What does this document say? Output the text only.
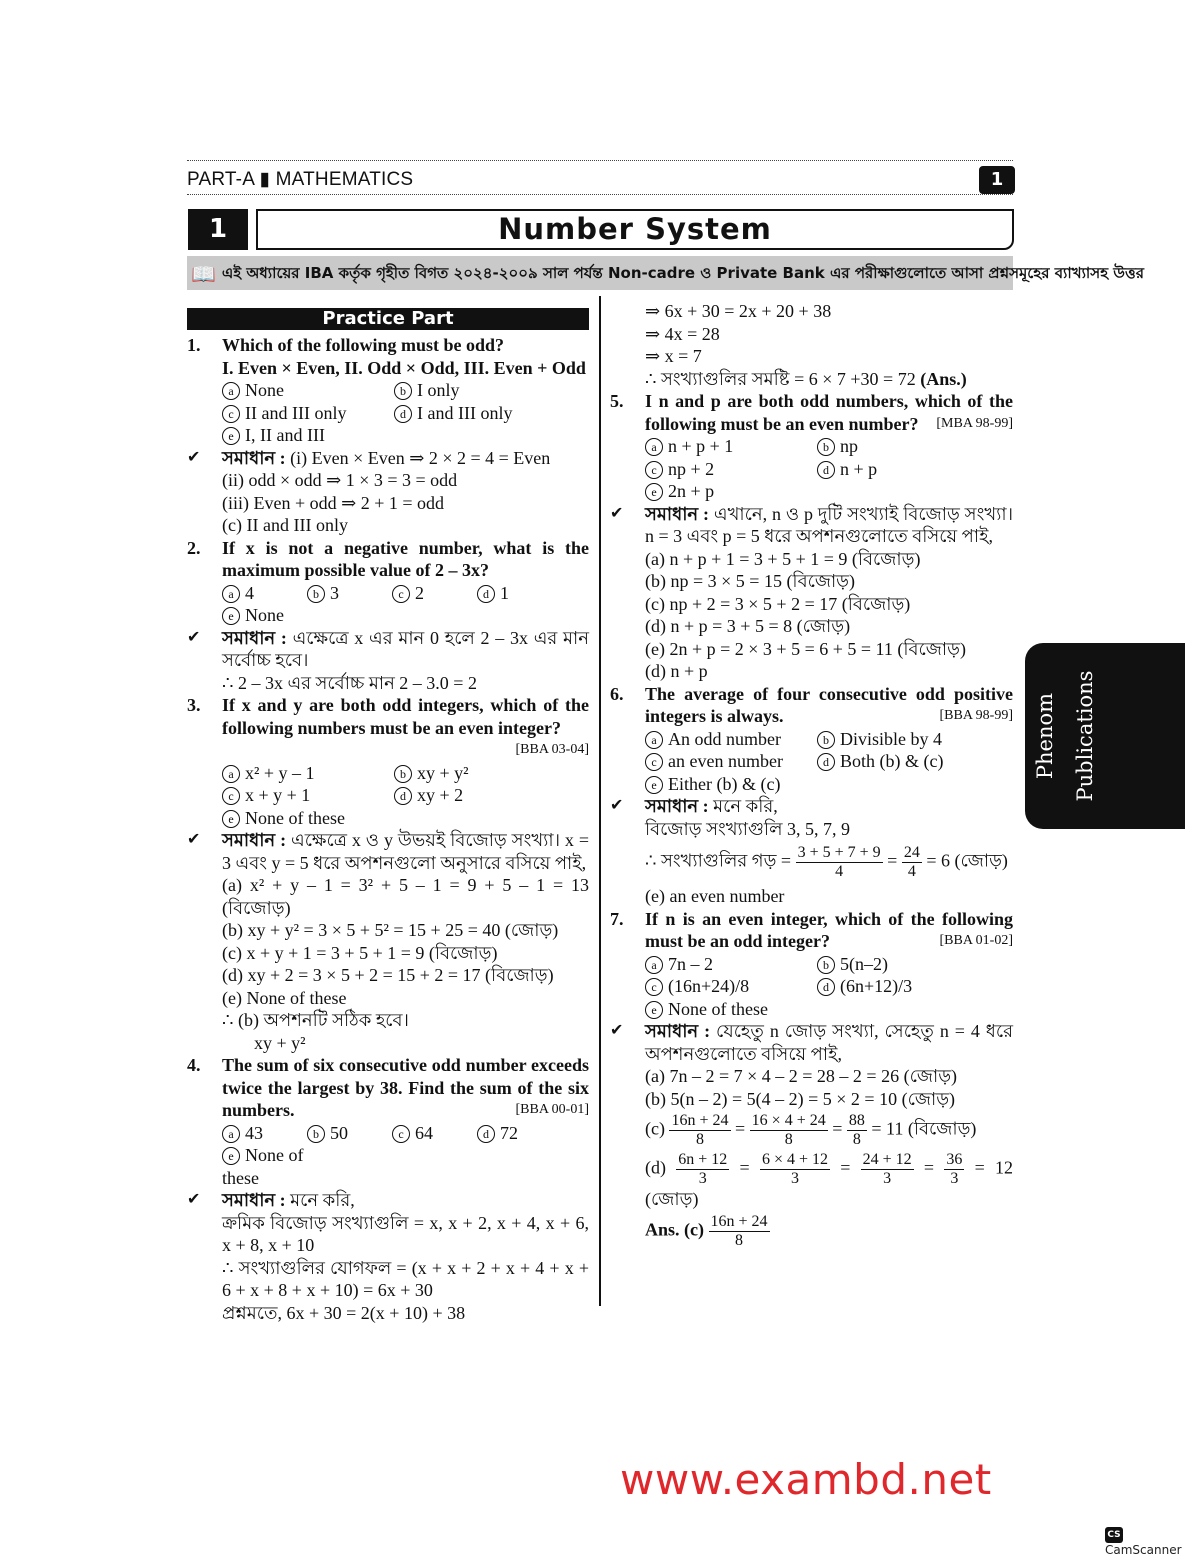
PART-A ▮ MATHEMATICS	1
1	Number System
📖 এই অধ্যায়ের IBA কর্তৃক গৃহীত বিগত ২০২৪-২০০৯ সাল পর্যন্ত Non-cadre ও Private Bank এর পরীক্ষাগুলোতে আসা প্রশ্নসমূহের ব্যাখ্যাসহ উত্তর
Practice Part
1.	Which of the following must be odd?
I. Even × Even, II. Odd × Odd, III. Even + Odd
a None	b I only
c II and III only	d I and III only
e I, II and III
✔	সমাধান : (i) Even × Even ⇒ 2 × 2 = 4 = Even
(ii) odd × odd ⇒ 1 × 3 = 3 = odd
(iii) Even + odd ⇒ 2 + 1 = odd
(c) II and III only
2.	If x is not a negative number, what is the maximum possible value of 2 – 3x?
a 4	b 3	c 2	d 1
e None
✔	সমাধান : এক্ষেত্রে x এর মান 0 হলে 2 – 3x এর মান সর্বোচ্চ হবে।
∴ 2 – 3x এর সর্বোচ্চ মান 2 – 3.0 = 2
3.	If x and y are both odd integers, which of the following numbers must be an even integer?

[BBA 03-04]
a x² + y – 1	b xy + y²
c x + y + 1	d xy + 2
e None of these
✔	সমাধান : এক্ষেত্রে x ও y উভয়ই বিজোড় সংখ্যা। x = 3 এবং y = 5 ধরে অপশনগুলো অনুসারে বসিয়ে পাই,
(a) x² + y – 1 = 3² + 5 – 1 = 9 + 5 – 1 = 13 (বিজোড়)
(b) xy + y² = 3 × 5 + 5² = 15 + 25 = 40 (জোড়)
(c) x + y + 1 = 3 + 5 + 1 = 9 (বিজোড়)
(d) xy + 2 = 3 × 5 + 2 = 15 + 2 = 17 (বিজোড়)
(e) None of these
∴ (b) অপশনটি সঠিক হবে।
xy + y²
4.	The sum of six consecutive odd number exceeds twice the largest by 38. Find the sum of the six numbers.	[BBA 00-01]
a 43	b 50	c 64	d 72
e None of these
✔	সমাধান : মনে করি,
ক্রমিক বিজোড় সংখ্যাগুলি = x, x + 2, x + 4, x + 6, x + 8, x + 10
∴ সংখ্যাগুলির যোগফল = (x + x + 2 + x + 4 + x + 6 + x + 8 + x + 10) = 6x + 30
প্রশ্নমতে, 6x + 30 = 2(x + 10) + 38
⇒ 6x + 30 = 2x + 20 + 38
⇒ 4x = 28
⇒ x = 7
∴ সংখ্যাগুলির সমষ্টি = 6 × 7 +30 = 72 (Ans.)
5.	I n and p are both odd numbers, which of the following must be an even number? [MBA 98-99]
a n + p + 1	b np
c np + 2	d n + p
e 2n + p
✔	সমাধান : এখানে, n ও p দুটি সংখ্যাই বিজোড় সংখ্যা। n = 3 এবং p = 5 ধরে অপশনগুলোতে বসিয়ে পাই,
(a) n + p + 1 = 3 + 5 + 1 = 9 (বিজোড়)
(b) np = 3 × 5 = 15 (বিজোড়)
(c) np + 2 = 3 × 5 + 2 = 17 (বিজোড়)
(d) n + p = 3 + 5 = 8 (জোড়)
(e) 2n + p = 2 × 3 + 5 = 6 + 5 = 11 (বিজোড়)
(d) n + p
6.	The average of four consecutive odd positive integers is always.	[BBA 98-99]
a An odd number	b Divisible by 4
c an even number	d Both (b) & (c)
e Either (b) & (c)
✔	সমাধান : মনে করি,
বিজোড় সংখ্যাগুলি 3, 5, 7, 9
∴ সংখ্যাগুলির গড় = $\frac{3 + 5 + 7 + 9}{4} = \frac{24}{4} = 6$ (জোড়)
(e) an even number
7.	If n is an even integer, which of the following must be an odd integer?	[BBA 01-02]
a 7n – 2	b 5(n–2)
c (16n+24)/8	d (6n+12)/3
e None of these
✔	সমাধান : যেহেতু n জোড় সংখ্যা, সেহেতু n = 4 ধরে অপশনগুলোতে বসিয়ে পাই,
(a) 7n – 2 = 7 × 4 – 2 = 28 – 2 = 26 (জোড়)
(b) 5(n – 2) = 5(4 – 2) = 5 × 2 = 10 (জোড়)
$(c) \frac{16n + 24}{8} = \frac{16 \times 4 + 24}{8} = \frac{88}{8} = 11$ (বিজোড়)
$(d) \frac{6n + 12}{3} = \frac{6 \times 4 + 12}{3} = \frac{24 + 12}{3} = \frac{36}{3} = 12$ (জোড়)
Ans. $(c) \frac{16n + 24}{8}$
Phenom Publications
www.exambd.net
CSCamScanner
